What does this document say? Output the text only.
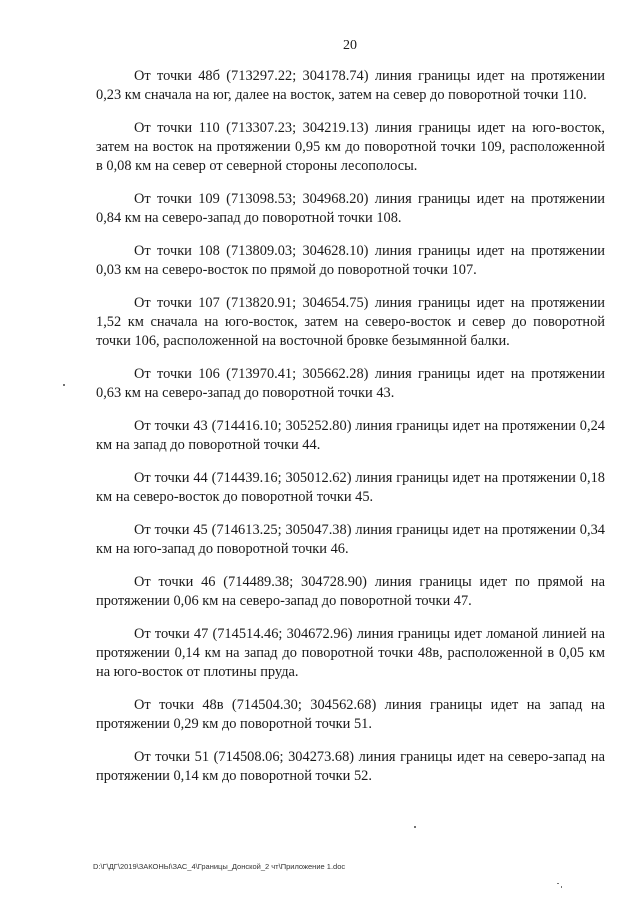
20

От точки 48б (713297.22; 304178.74) линия границы идет на протяжении 0,23 км сначала на юг, далее на восток, затем на север до поворотной точки 110.

От точки 110 (713307.23; 304219.13) линия границы идет на юго-восток, затем на восток на протяжении 0,95 км до поворотной точки 109, расположенной в 0,08 км на север от северной стороны лесополосы.

От точки 109 (713098.53; 304968.20) линия границы идет на протяжении 0,84 км на северо-запад до поворотной точки 108.

От точки 108 (713809.03; 304628.10) линия границы идет на протяжении 0,03 км на северо-восток по прямой до поворотной точки 107.

От точки 107 (713820.91; 304654.75) линия границы идет на протяжении 1,52 км сначала на юго-восток, затем на северо-восток и север до поворотной точки 106, расположенной на восточной бровке безымянной балки.

От точки 106 (713970.41; 305662.28) линия границы идет на протяжении 0,63 км на северо-запад до поворотной точки 43.

От точки 43 (714416.10; 305252.80) линия границы идет на протяжении 0,24 км на запад до поворотной точки 44.

От точки 44 (714439.16; 305012.62) линия границы идет на протяжении 0,18 км на северо-восток до поворотной точки 45.

От точки 45 (714613.25; 305047.38) линия границы идет на протяжении 0,34 км на юго-запад до поворотной точки 46.

От точки 46 (714489.38; 304728.90) линия границы идет по прямой на протяжении 0,06 км на северо-запад до поворотной точки 47.

От точки 47 (714514.46; 304672.96) линия границы идет ломаной линией на протяжении 0,14 км на запад до поворотной точки 48в, расположенной в 0,05 км на юго-восток от плотины пруда.

От точки 48в (714504.30; 304562.68) линия границы идет на запад на протяжении 0,29 км до поворотной точки 51.

От точки 51 (714508.06; 304273.68) линия границы идет на северо-запад на протяжении 0,14 км до поворотной точки 52.

D:\Г\ДГ\2019\ЗАКОНЫ\ЗАС_4\Границы_Донской_2 чт\Приложение 1.doc
